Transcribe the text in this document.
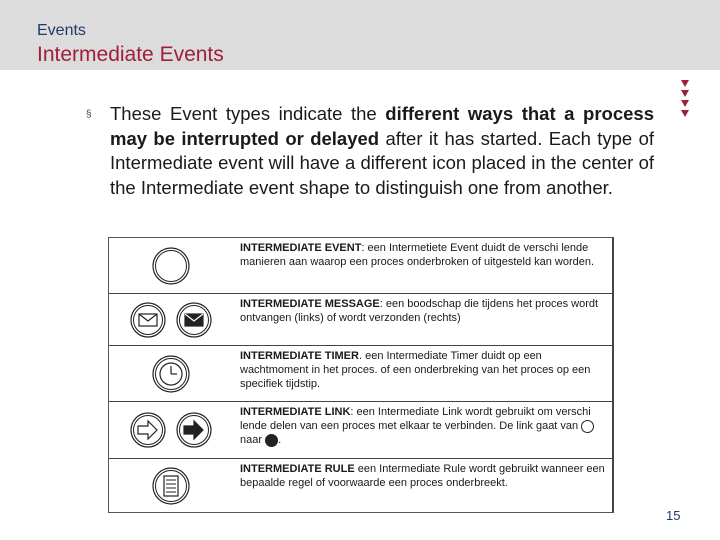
Events
Intermediate Events
§ These Event types indicate the different ways that a process may be interrupted or delayed after it has started. Each type of Intermediate event will have a different icon placed in the center of the Intermediate event shape to distinguish one from another.
INTERMEDIATE EVENT: een Intermetiete Event duidt de verschi lende manieren aan waarop een proces onderbroken of uitgesteld kan worden.
INTERMEDIATE MESSAGE: een boodschap die tijdens het proces wordt ontvangen (links) of wordt verzonden (rechts)
INTERMEDIATE TIMER. een Intermediate Timer duidt op een wachtmoment in het proces. of een onderbreking van het proces op een specifiek tijdstip.
INTERMEDIATE LINK: een Intermediate Link wordt gebruikt om verschi lende delen van een proces met elkaar te verbinden. De link gaat van  naar .
INTERMEDIATE RULE een Intermediate Rule wordt gebruikt wanneer een bepaalde regel of voorwaarde een proces onderbreekt.
15
